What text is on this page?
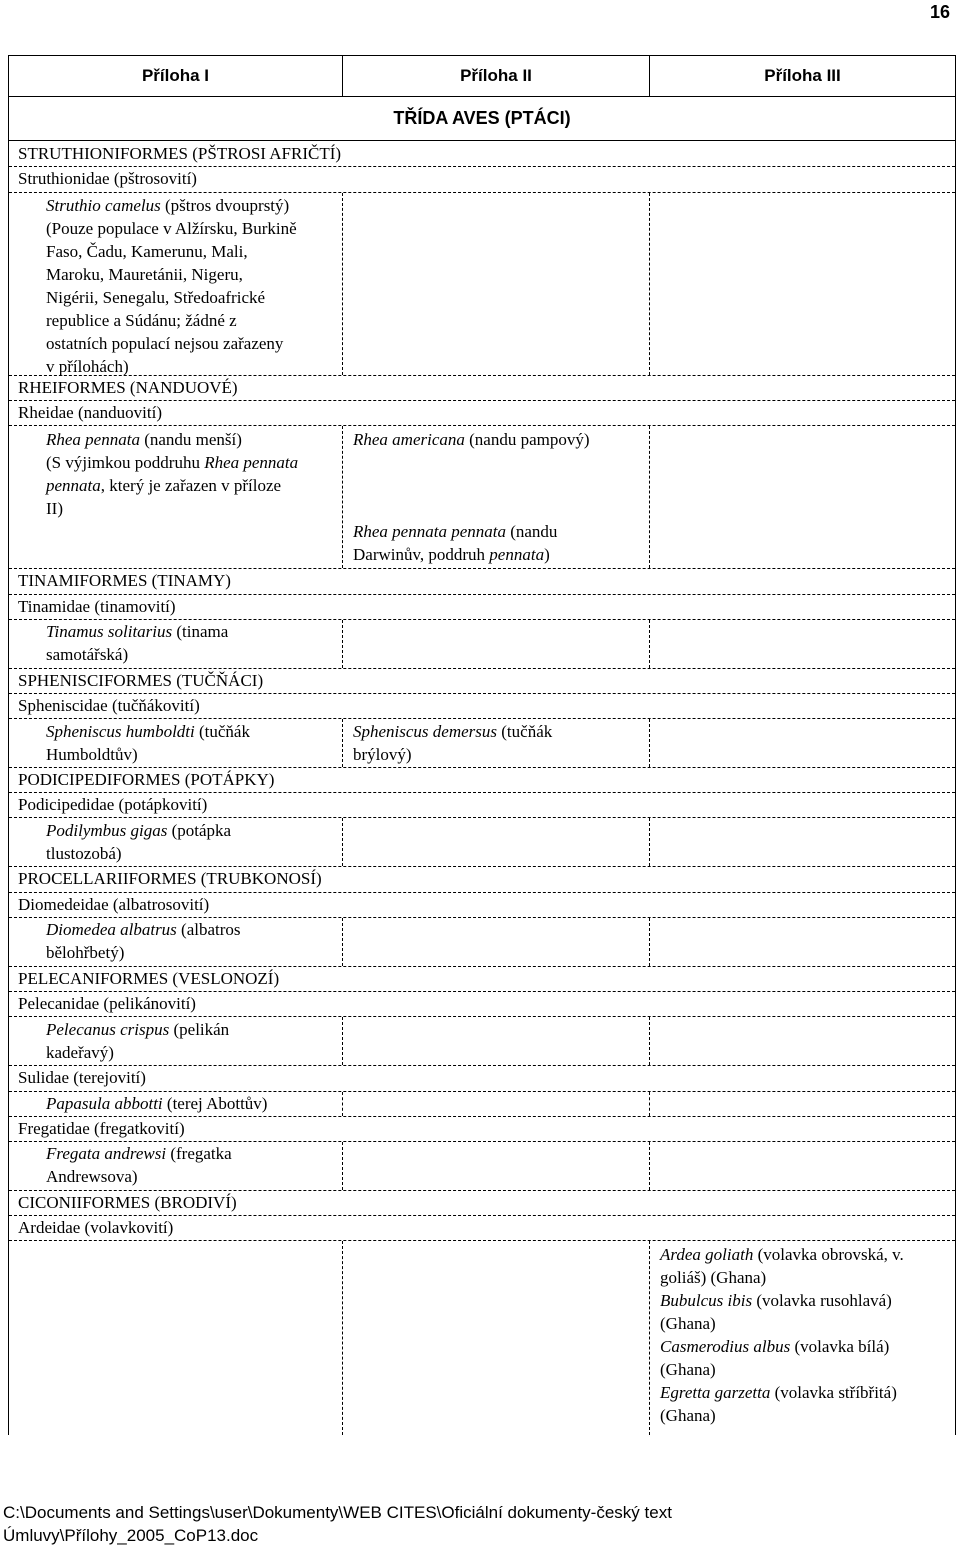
16
Příloha I	Příloha II	Příloha III
TŘÍDA AVES (PTÁCI)
STRUTHIONIFORMES (PŠTROSI AFRIČTÍ)
Struthionidae (pštrosovití)
Struthio camelus (pštros dvouprstý)
(Pouze populace v Alžírsku, Burkině
Faso, Čadu, Kamerunu, Mali,
Maroku, Mauretánii, Nigeru,
Nigérii, Senegalu, Středoafrické
republice a Súdánu; žádné z
ostatních populací nejsou zařazeny
v přílohách)
RHEIFORMES (NANDUOVÉ)
Rheidae (nanduovití)
Rhea pennata (nandu menší)
(S výjimkou poddruhu Rhea pennata
pennata, který je zařazen v příloze
II)
Rhea americana (nandu pampový)
Rhea pennata pennata (nandu
Darwinův, poddruh pennata)
TINAMIFORMES (TINAMY)
Tinamidae (tinamovití)
Tinamus solitarius (tinama
samotářská)
SPHENISCIFORMES (TUČŇÁCI)
Spheniscidae (tučňákovití)
Spheniscus humboldti (tučňák
Humboldtův)
Spheniscus demersus (tučňák
brýlový)
PODICIPEDIFORMES (POTÁPKY)
Podicipedidae (potápkovití)
Podilymbus gigas (potápka
tlustozobá)
PROCELLARIIFORMES (TRUBKONOSÍ)
Diomedeidae (albatrosovití)
Diomedea albatrus (albatros
bělohřbetý)
PELECANIFORMES (VESLONOZÍ)
Pelecanidae (pelikánovití)
Pelecanus crispus (pelikán
kadeřavý)
Sulidae (terejovití)
Papasula abbotti (terej Abottův)
Fregatidae (fregatkovití)
Fregata andrewsi (fregatka
Andrewsova)
CICONIIFORMES (BRODIVÍ)
Ardeidae (volavkovití)
Ardea goliath (volavka obrovská, v.
goliáš) (Ghana)
Bubulcus ibis (volavka rusohlavá)
(Ghana)
Casmerodius albus (volavka bílá)
(Ghana)
Egretta garzetta (volavka stříbřitá)
(Ghana)
C:\Documents and Settings\user\Dokumenty\WEB CITES\Oficiální dokumenty-český text
Úmluvy\Přílohy_2005_CoP13.doc
